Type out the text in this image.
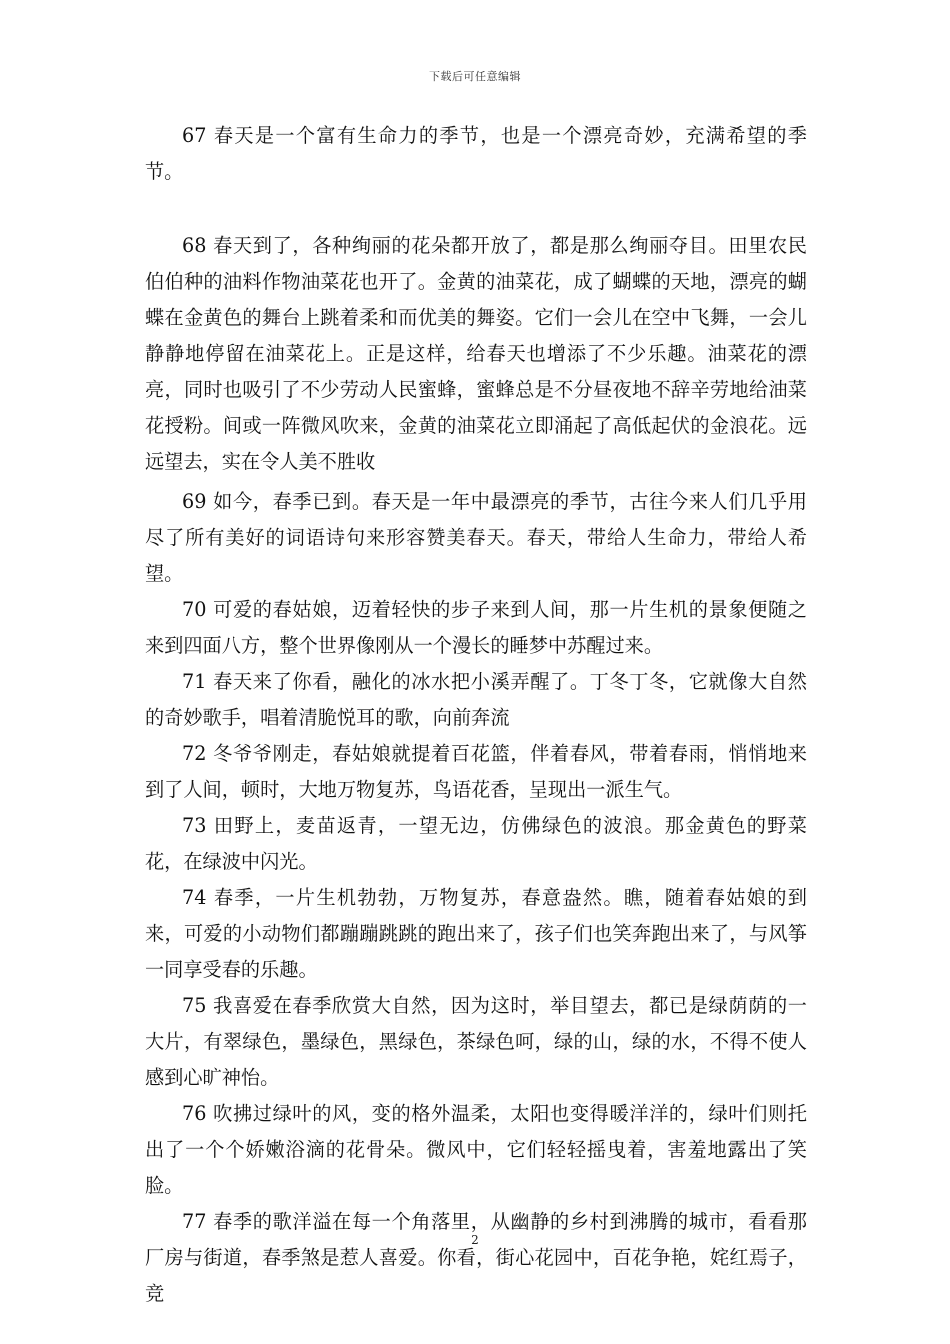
下载后可任意编辑

67 春天是一个富有生命力的季节，也是一个漂亮奇妙，充满希望的季节。

68 春天到了，各种绚丽的花朵都开放了，都是那么绚丽夺目。田里农民伯伯种的油料作物油菜花也开了。金黄的油菜花，成了蝴蝶的天地，漂亮的蝴蝶在金黄色的舞台上跳着柔和而优美的舞姿。它们一会儿在空中飞舞，一会儿静静地停留在油菜花上。正是这样，给春天也增添了不少乐趣。油菜花的漂亮，同时也吸引了不少劳动人民蜜蜂，蜜蜂总是不分昼夜地不辞辛劳地给油菜花授粉。间或一阵微风吹来，金黄的油菜花立即涌起了高低起伏的金浪花。远远望去，实在令人美不胜收

69 如今，春季已到。春天是一年中最漂亮的季节，古往今来人们几乎用尽了所有美好的词语诗句来形容赞美春天。春天，带给人生命力，带给人希望。

70 可爱的春姑娘，迈着轻快的步子来到人间，那一片生机的景象便随之来到四面八方，整个世界像刚从一个漫长的睡梦中苏醒过来。

71 春天来了你看，融化的冰水把小溪弄醒了。丁冬丁冬，它就像大自然的奇妙歌手，唱着清脆悦耳的歌，向前奔流

72 冬爷爷刚走，春姑娘就提着百花篮，伴着春风，带着春雨，悄悄地来到了人间，顿时，大地万物复苏，鸟语花香，呈现出一派生气。

73 田野上，麦苗返青，一望无边，仿佛绿色的波浪。那金黄色的野菜花，在绿波中闪光。

74 春季，一片生机勃勃，万物复苏，春意盎然。瞧，随着春姑娘的到来，可爱的小动物们都蹦蹦跳跳的跑出来了，孩子们也笑奔跑出来了，与风筝一同享受春的乐趣。

75 我喜爱在春季欣赏大自然，因为这时，举目望去，都已是绿荫荫的一大片，有翠绿色，墨绿色，黑绿色，茶绿色呵，绿的山，绿的水，不得不使人感到心旷神怡。

76 吹拂过绿叶的风，变的格外温柔，太阳也变得暖洋洋的，绿叶们则托出了一个个娇嫩浴滴的花骨朵。微风中，它们轻轻摇曳着，害羞地露出了笑脸。

77 春季的歌洋溢在每一个角落里，从幽静的乡村到沸腾的城市，看看那厂房与街道，春季煞是惹人喜爱。你看，街心花园中，百花争艳，姹红焉子，竞

2
